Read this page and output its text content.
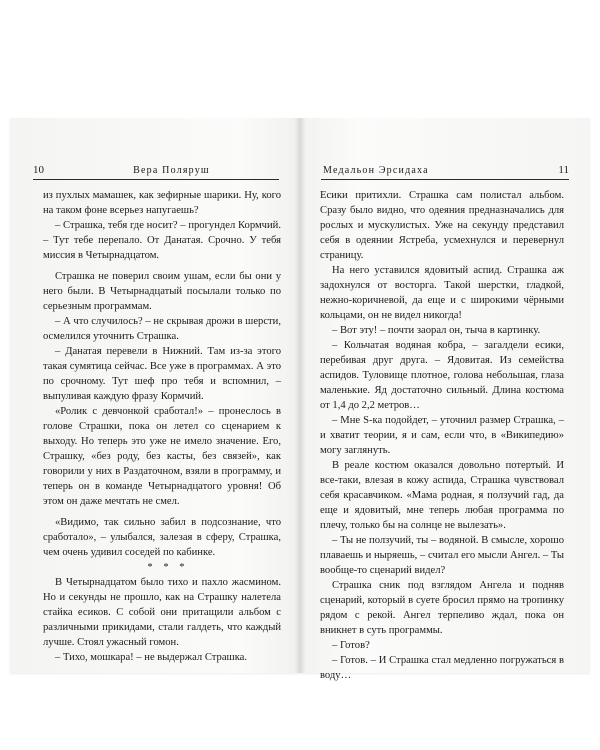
10	Вера Поляруш

из пухлых мамашек, как зефирные шарики. Ну, кого на таком фоне всерьез напугаешь?

– Страшка, тебя где носит? – прогундел Кормчий. – Тут тебе перепало. От Данатая. Срочно. У тебя миссия в Четырнадцатом.

Страшка не поверил своим ушам, если бы они у него были. В Четырнадцатый посылали только по серьезным программам.

– А что случилось? – не скрывая дрожи в шерсти, осмелился уточнить Страшка.

– Данатая перевели в Нижний. Там из-за этого такая сумятица сейчас. Все уже в программах. А это по срочному. Тут шеф про тебя и вспомнил, – выпуливая каждую фразу Кормчий.

«Ролик с девчонкой сработал!» – пронеслось в голове Страшки, пока он летел со сценарием к выходу. Но теперь это уже не имело значение. Его, Страшку, «без роду, без касты, без связей», как говорили у них в Раздаточном, взяли в программу, и теперь он в команде Четырнадцатого уровня! Об этом он даже мечтать не смел.

«Видимо, так сильно забил в подсознание, что сработало», – улыбался, залезая в сферу, Страшка, чем очень удивил соседей по кабинке.

* * *

В Четырнадцатом было тихо и пахло жасмином. Но и секунды не прошло, как на Страшку налетела стайка есиков. С собой они притащили альбом с различными прикидами, стали галдеть, что каждый лучше. Стоял ужасный гомон.

– Тихо, мошкара! – не выдержал Страшка.

Медальон Эрсидаха	11

Есики притихли. Страшка сам полистал альбом. Сразу было видно, что одеяния предназначались для рослых и мускулистых. Уже на секунду представил себя в одеянии Ястреба, усмехнулся и перевернул страницу.

На него уставился ядовитый аспид. Страшка аж задохнулся от восторга. Такой шерстки, гладкой, нежно-коричневой, да еще и с широкими чёрными кольцами, он не видел никогда!

– Вот эту! – почти заорал он, тыча в картинку.

– Кольчатая водяная кобра, – загалдели есики, перебивая друг друга. – Ядовитая. Из семейства аспидов. Туловище плотное, голова небольшая, глаза маленькие. Яд достаточно сильный. Длина костюма от 1,4 до 2,2 метров…

– Мне S-ка подойдет, – уточнил размер Страшка, – и хватит теории, я и сам, если что, в «Википедию» могу заглянуть.

В реале костюм оказался довольно потертый. И все-таки, влезая в кожу аспида, Страшка чувствовал себя красавчиком. «Мама родная, я ползучий гад, да еще и ядовитый, мне теперь любая программа по плечу, только бы на солнце не вылезать».

– Ты не ползучий, ты – водяной. В смысле, хорошо плаваешь и ныряешь, – считал его мысли Ангел. – Ты вообще-то сценарий видел?

Страшка сник под взглядом Ангела и подняв сценарий, который в суете бросил прямо на тропинку рядом с рекой. Ангел терпеливо ждал, пока он вникнет в суть программы.

– Готов?

– Готов. – И Страшка стал медленно погружаться в воду…
